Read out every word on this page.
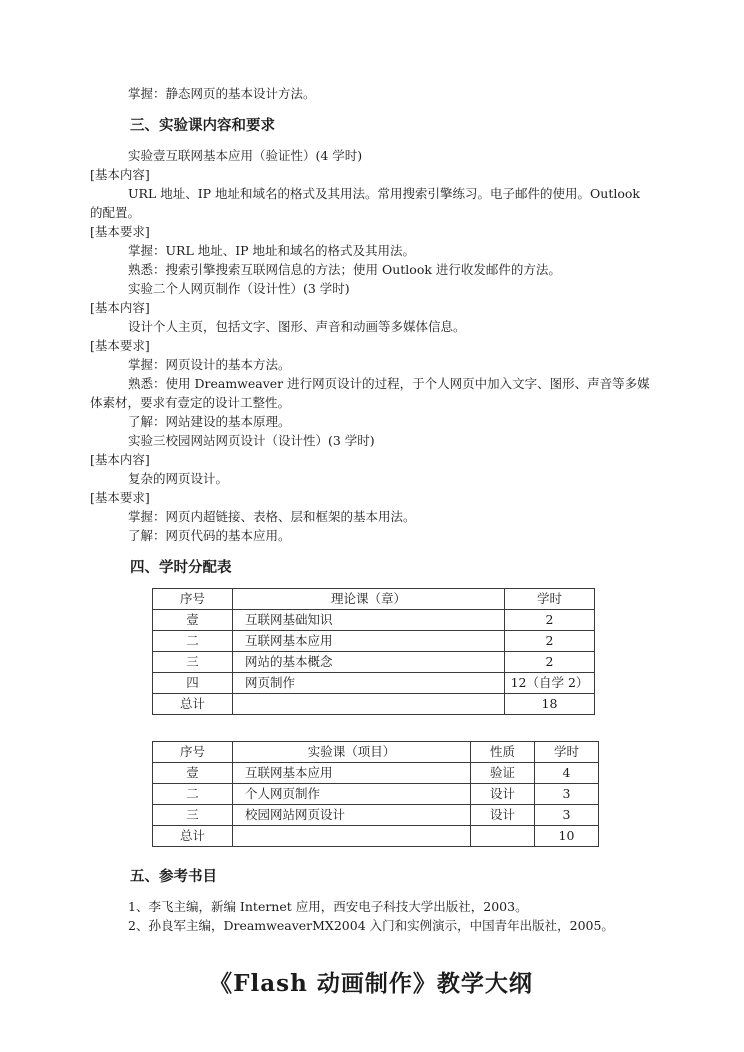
掌握：静态网页的基本设计方法。

三、实验课内容和要求

实验壹互联网基本应用（验证性）(4 学时)

[基本内容]

URL 地址、IP 地址和域名的格式及其用法。常用搜索引擎练习。电子邮件的使用。Outlook 的配置。

[基本要求]

掌握：URL 地址、IP 地址和域名的格式及其用法。

熟悉：搜索引擎搜索互联网信息的方法；使用 Outlook 进行收发邮件的方法。

实验二个人网页制作（设计性）(3 学时)

[基本内容]

设计个人主页，包括文字、图形、声音和动画等多媒体信息。

[基本要求]

掌握：网页设计的基本方法。

熟悉：使用 Dreamweaver 进行网页设计的过程，于个人网页中加入文字、图形、声音等多媒体素材，要求有壹定的设计工整性。

了解：网站建设的基本原理。

实验三校园网站网页设计（设计性）(3 学时)

[基本内容]

复杂的网页设计。

[基本要求]

掌握：网页内超链接、表格、层和框架的基本用法。

了解：网页代码的基本应用。

四、学时分配表

序号	理论课（章）	学时
壹	互联网基础知识	2
二	互联网基本应用	2
三	网站的基本概念	2
四	网页制作	12（自学 2）
总计		18
序号	实验课（项目）	性质	学时
壹	互联网基本应用	验证	4
二	个人网页制作	设计	3
三	校园网站网页设计	设计	3
总计			10

五、参考书目

1、李飞主编，新编 Internet 应用，西安电子科技大学出版社，2003。

2、孙良军主编，DreamweaverMX2004 入门和实例演示，中国青年出版社，2005。

《Flash 动画制作》教学大纲
